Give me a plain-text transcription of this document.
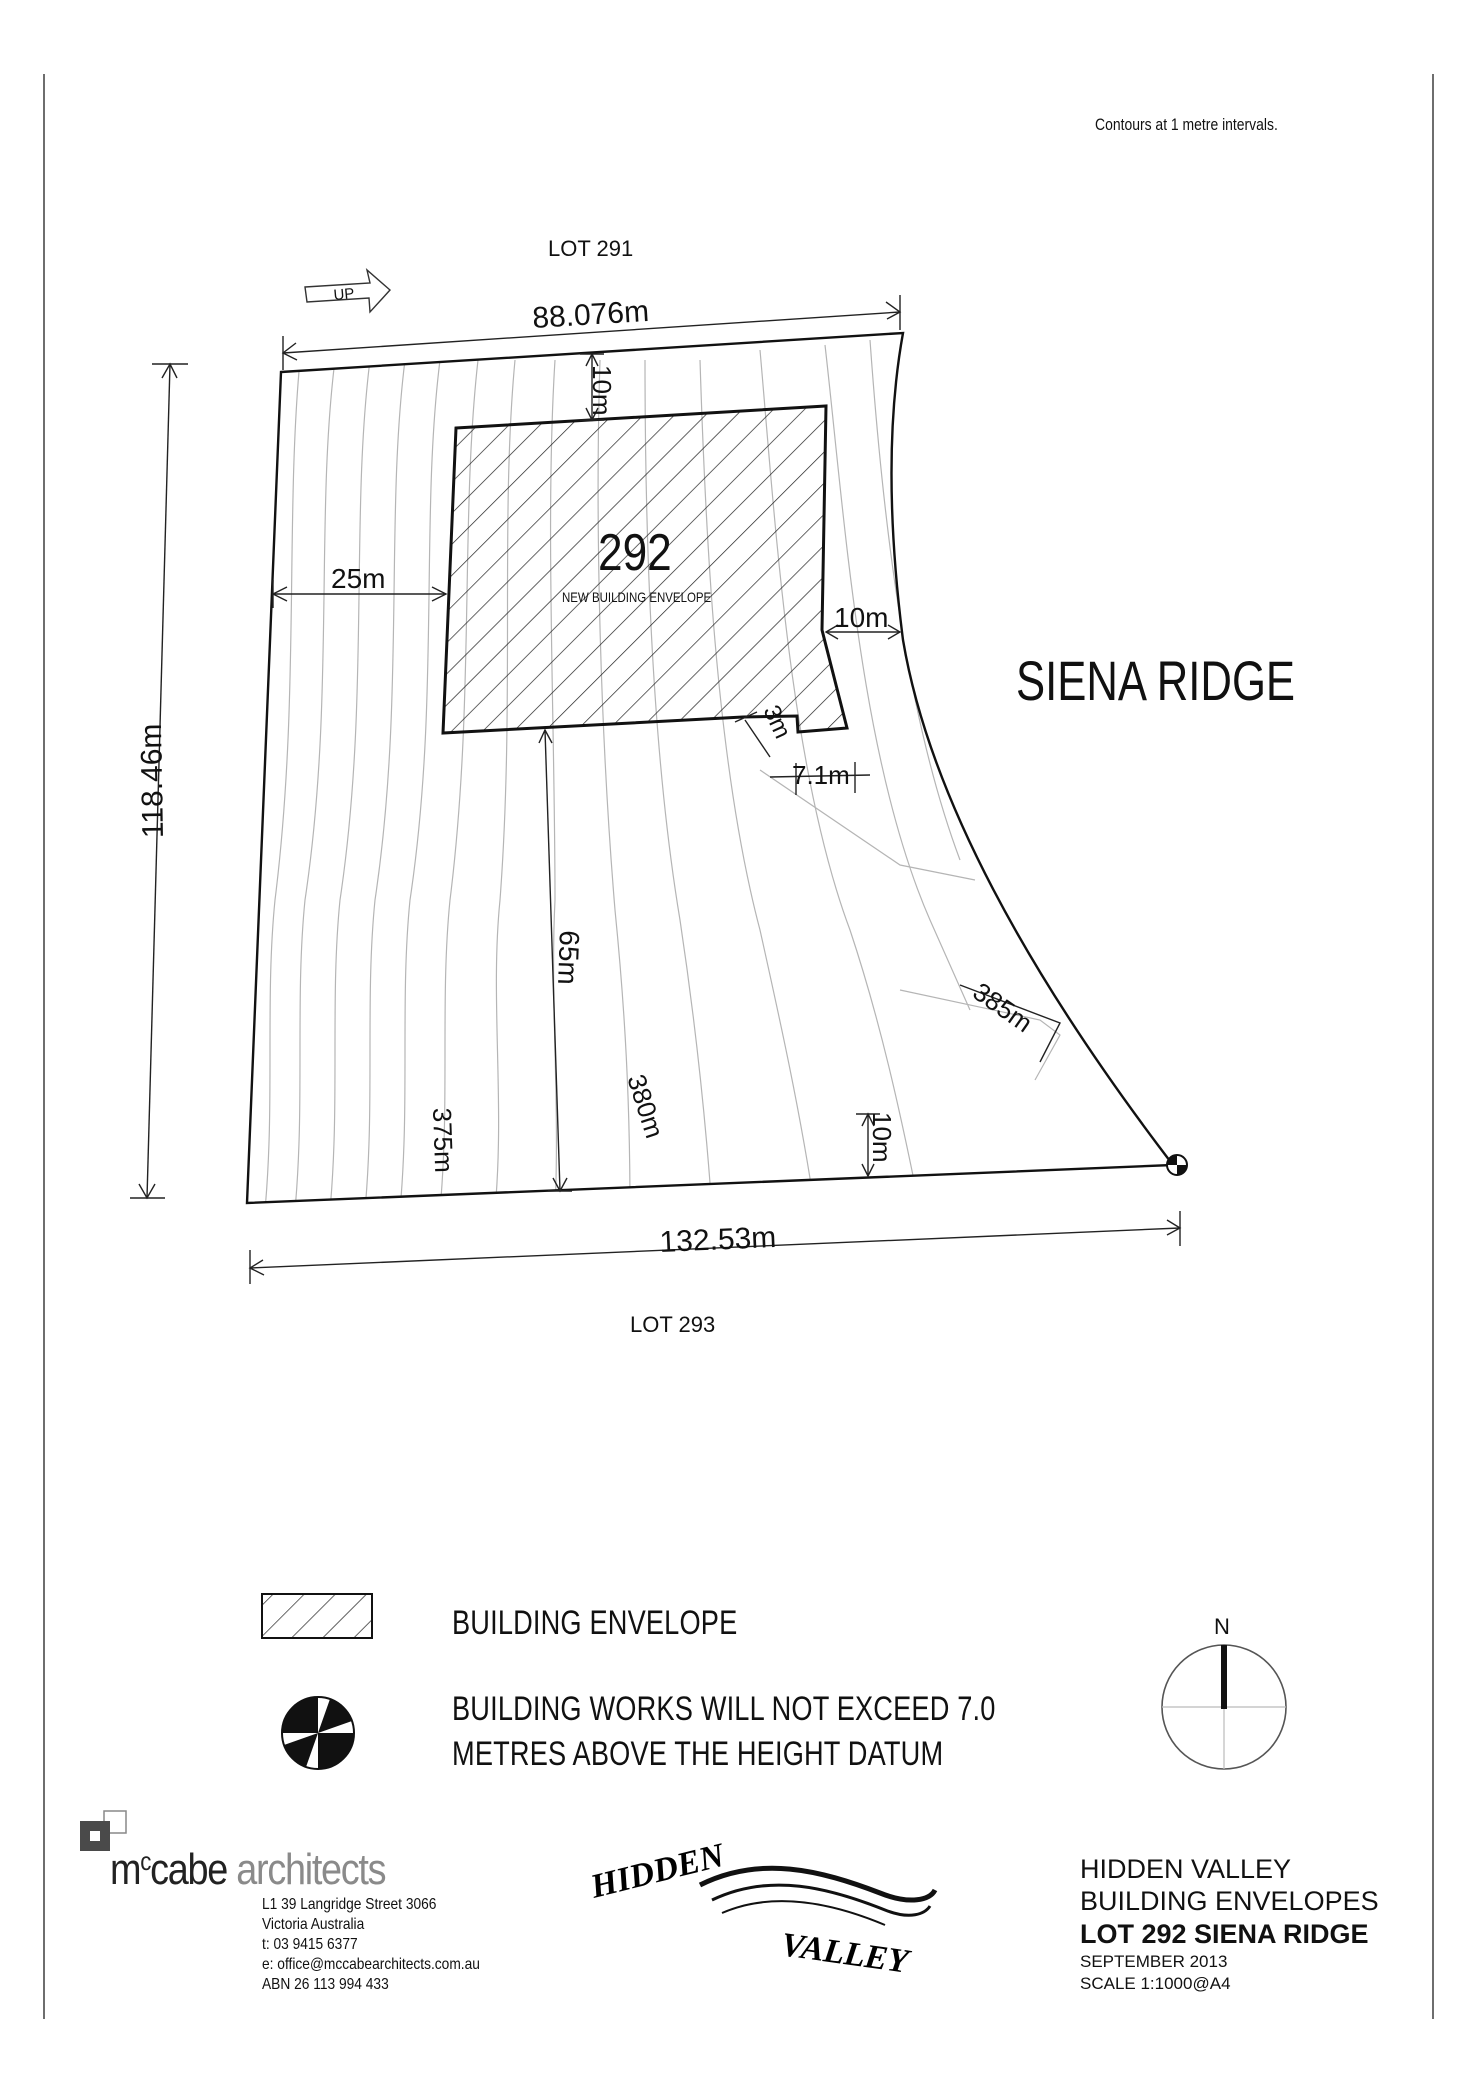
Contours at 1 metre intervals.
LOT 291
LOT 293
SIENA RIDGE
UP
292
NEW BUILDING ENVELOPE
88.076m
132.53m
118.46m
25m
10m
10m
65m
3m
7.1m
10m
375m	380m
385m
N
HIDDEN
VALLEY
BUILDING ENVELOPE
BUILDING WORKS WILL NOT EXCEED 7.0
METRES ABOVE THE HEIGHT DATUM
$m^ccabe$ architects
L1 39 Langridge Street 3066
Victoria Australia
t: 03 9415 6377
e: office@mccabearchitects.com.au
ABN 26 113 994 433
HIDDEN VALLEY
BUILDING ENVELOPES
LOT 292 SIENA RIDGE
SEPTEMBER 2013
SCALE 1:1000@A4
